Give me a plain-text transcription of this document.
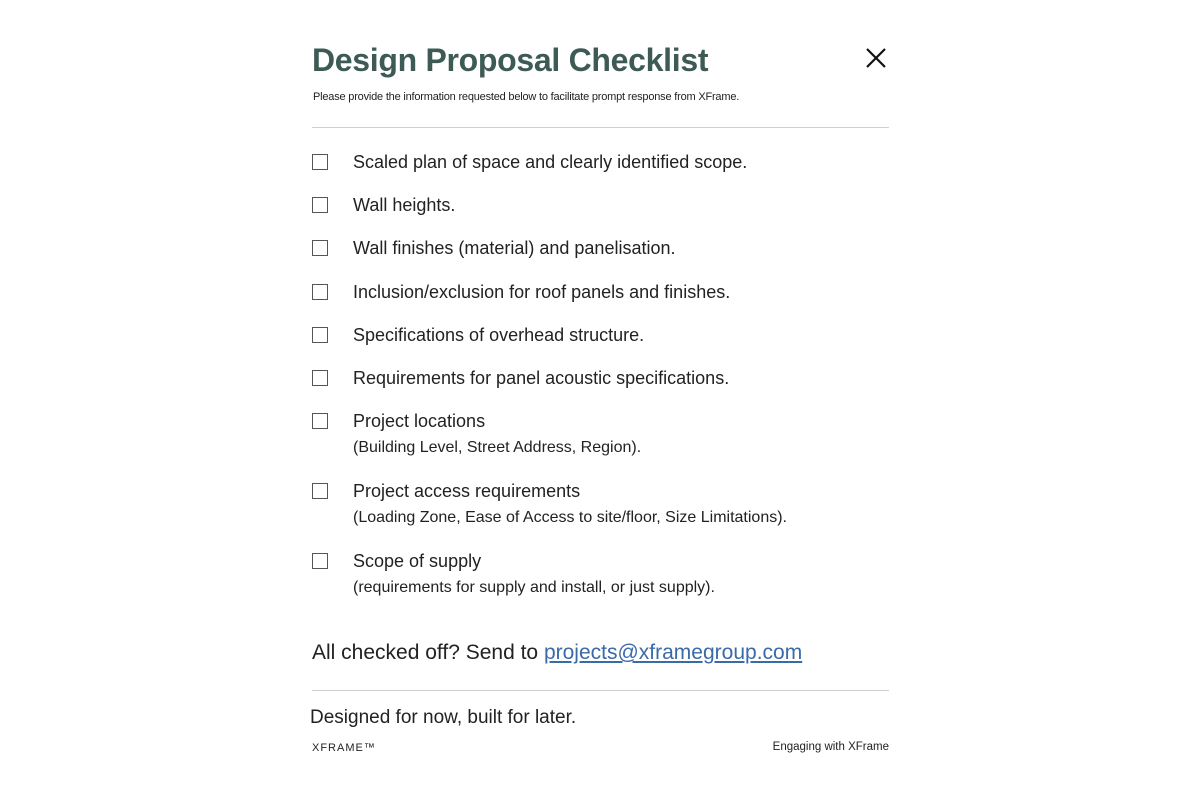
Design Proposal Checklist
Please provide the information requested below to facilitate prompt response from XFrame.
Scaled plan of space and clearly identified scope.
Wall heights.
Wall finishes (material) and panelisation.
Inclusion/exclusion for roof panels and finishes.
Specifications of overhead structure.
Requirements for panel acoustic specifications.
Project locations
(Building Level, Street Address, Region).
Project access requirements
(Loading Zone, Ease of Access to site/floor, Size Limitations).
Scope of supply
(requirements for supply and install, or just supply).
All checked off? Send to projects@xframegroup.com
Designed for now, built for later.
XFRAME™	Engaging with XFrame
